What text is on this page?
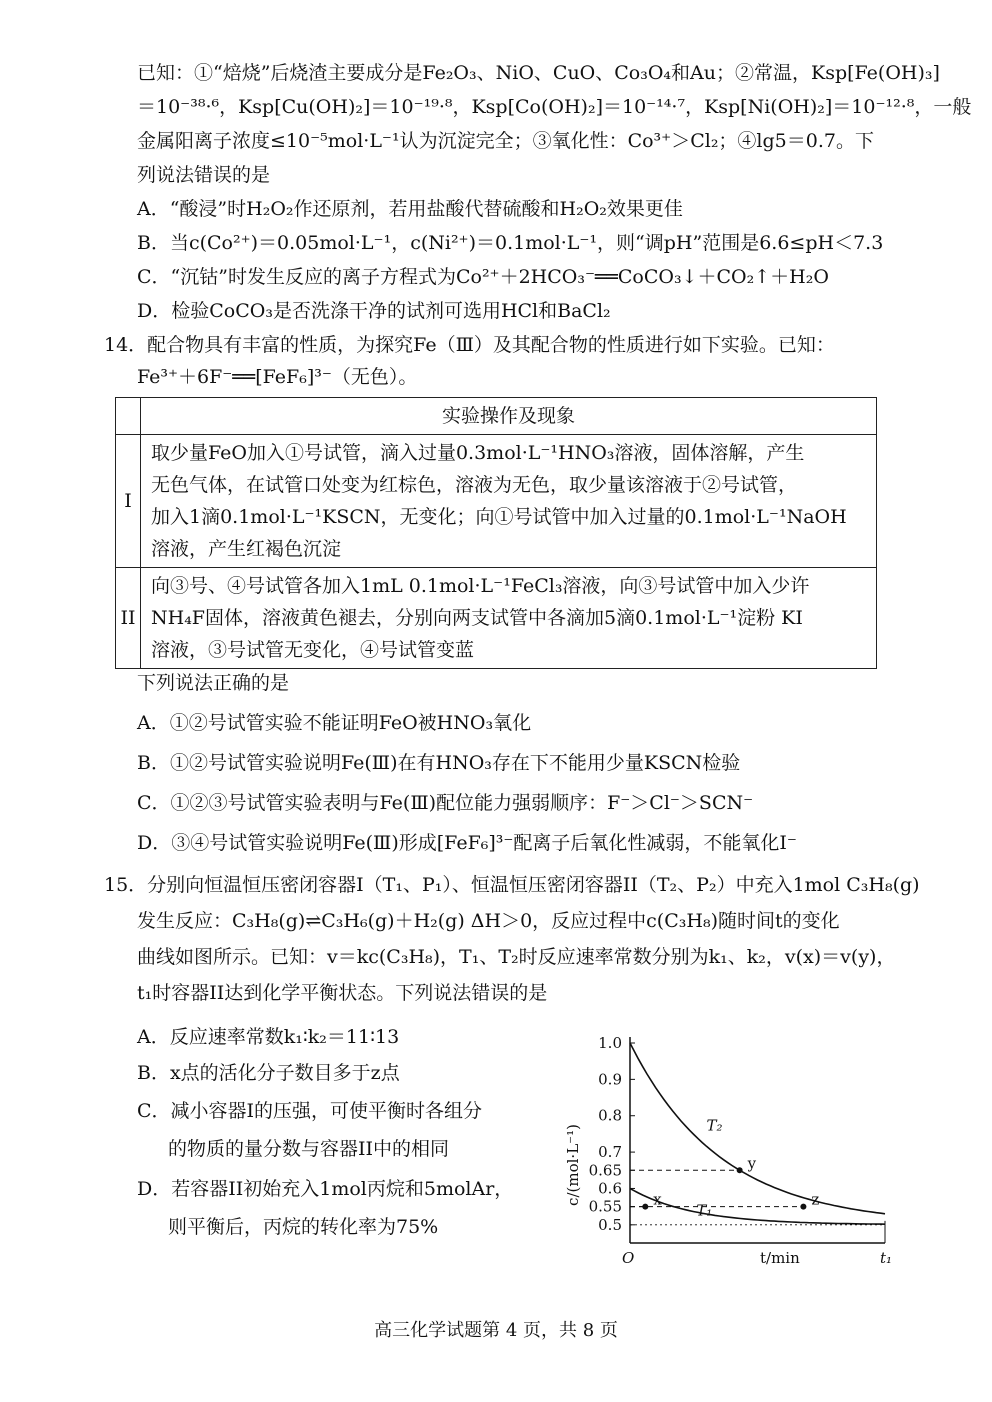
已知：①“焙烧”后烧渣主要成分是Fe₂O₃、NiO、CuO、Co₃O₄和Au；②常温，Ksp[Fe(OH)₃]
＝10⁻³⁸·⁶，Ksp[Cu(OH)₂]＝10⁻¹⁹·⁸，Ksp[Co(OH)₂]＝10⁻¹⁴·⁷，Ksp[Ni(OH)₂]＝10⁻¹²·⁸，一般
金属阳离子浓度≤10⁻⁵mol·L⁻¹认为沉淀完全；③氧化性：Co³⁺＞Cl₂；④lg5＝0.7。下
列说法错误的是
A．“酸浸”时H₂O₂作还原剂，若用盐酸代替硫酸和H₂O₂效果更佳
B．当c(Co²⁺)＝0.05mol·L⁻¹，c(Ni²⁺)＝0.1mol·L⁻¹，则“调pH”范围是6.6≤pH＜7.3
C．“沉钴”时发生反应的离子方程式为Co²⁺＋2HCO₃⁻══CoCO₃↓＋CO₂↑＋H₂O
D．检验CoCO₃是否洗涤干净的试剂可选用HCl和BaCl₂
14．配合物具有丰富的性质，为探究Fe（Ⅲ）及其配合物的性质进行如下实验。已知：
Fe³⁺＋6F⁻══[FeF₆]³⁻（无色）。
	实验操作及现象
I	取少量FeO加入①号试管，滴入过量0.3mol·L⁻¹HNO₃溶液，固体溶解，产生
无色气体，在试管口处变为红棕色，溶液为无色，取少量该溶液于②号试管，
加入1滴0.1mol·L⁻¹KSCN，无变化；向①号试管中加入过量的0.1mol·L⁻¹NaOH
溶液，产生红褐色沉淀

II	向③号、④号试管各加入1mL 0.1mol·L⁻¹FeCl₃溶液，向③号试管中加入少许
NH₄F固体，溶液黄色褪去，分别向两支试管中各滴加5滴0.1mol·L⁻¹淀粉 KI
溶液，③号试管无变化，④号试管变蓝
下列说法正确的是
A．①②号试管实验不能证明FeO被HNO₃氧化
B．①②号试管实验说明Fe(Ⅲ)在有HNO₃存在下不能用少量KSCN检验
C．①②③号试管实验表明与Fe(Ⅲ)配位能力强弱顺序：F⁻＞Cl⁻＞SCN⁻
D．③④号试管实验说明Fe(Ⅲ)形成[FeF₆]³⁻配离子后氧化性减弱，不能氧化I⁻
15．分别向恒温恒压密闭容器I（T₁、P₁）、恒温恒压密闭容器II（T₂、P₂）中充入1mol C₃H₈(g)
发生反应：C₃H₈(g)⇌C₃H₆(g)＋H₂(g) ΔH＞0，反应过程中c(C₃H₈)随时间t的变化
曲线如图所示。已知：v＝kc(C₃H₈)，T₁、T₂时反应速率常数分别为k₁、k₂，v(x)＝v(y)，
t₁时容器II达到化学平衡状态。下列说法错误的是
A．反应速率常数k₁∶k₂＝11∶13
B．x点的活化分子数目多于z点
C．减小容器I的压强，可使平衡时各组分
的物质的量分数与容器II中的相同
D．若容器II初始充入1mol丙烷和5molAr，
则平衡后，丙烷的转化率为75%
c/(mol·L⁻¹)
1.0
0.9
0.8
0.7
0.65
0.6
0.55
0.5
T₂
y
z
T₁
x
O	t/min	t₁
高三化学试题第 4 页，共 8 页
